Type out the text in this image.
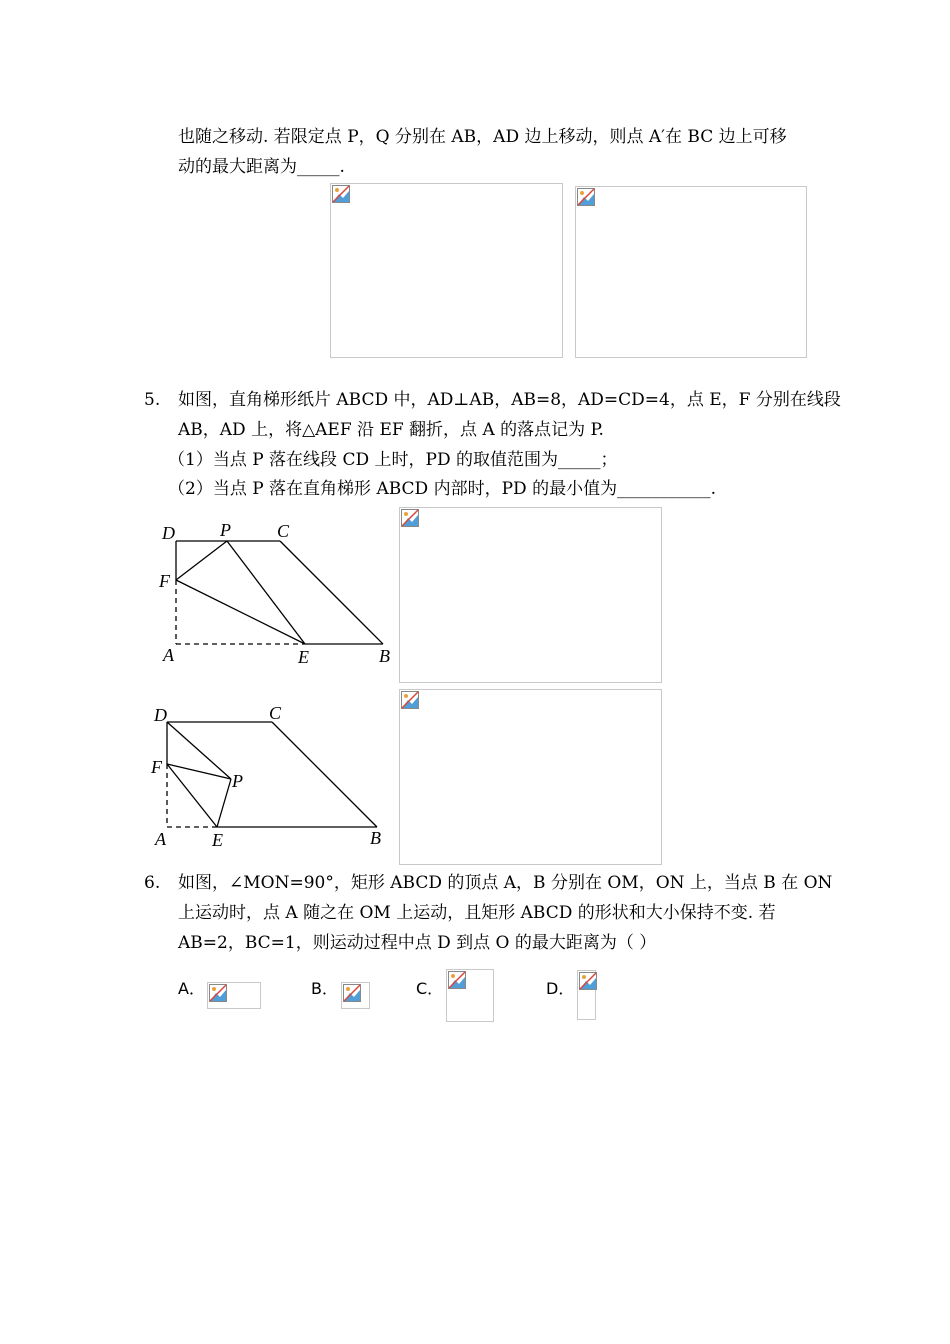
也随之移动. 若限定点 P，Q 分别在 AB，AD 边上移动，则点 A′在 BC 边上可移
动的最大距离为_____.
5. 如图，直角梯形纸片 ABCD 中，AD⊥AB，AB=8，AD=CD=4，点 E，F 分别在线段
AB，AD 上，将△AEF 沿 EF 翻折，点 A 的落点记为 P.
（1）当点 P 落在线段 CD 上时，PD 的取值范围为_____；
（2）当点 P 落在直角梯形 ABCD 内部时，PD 的最小值为___________.
D	P	C
F
A	E	B
D	C
F
P
A	E	B
6. 如图，∠MON=90°，矩形 ABCD 的顶点 A，B 分别在 OM，ON 上，当点 B 在 ON
上运动时，点 A 随之在 OM 上运动，且矩形 ABCD 的形状和大小保持不变. 若
AB=2，BC=1，则运动过程中点 D 到点 O 的最大距离为（ ）
A．	B．	C．	D．
